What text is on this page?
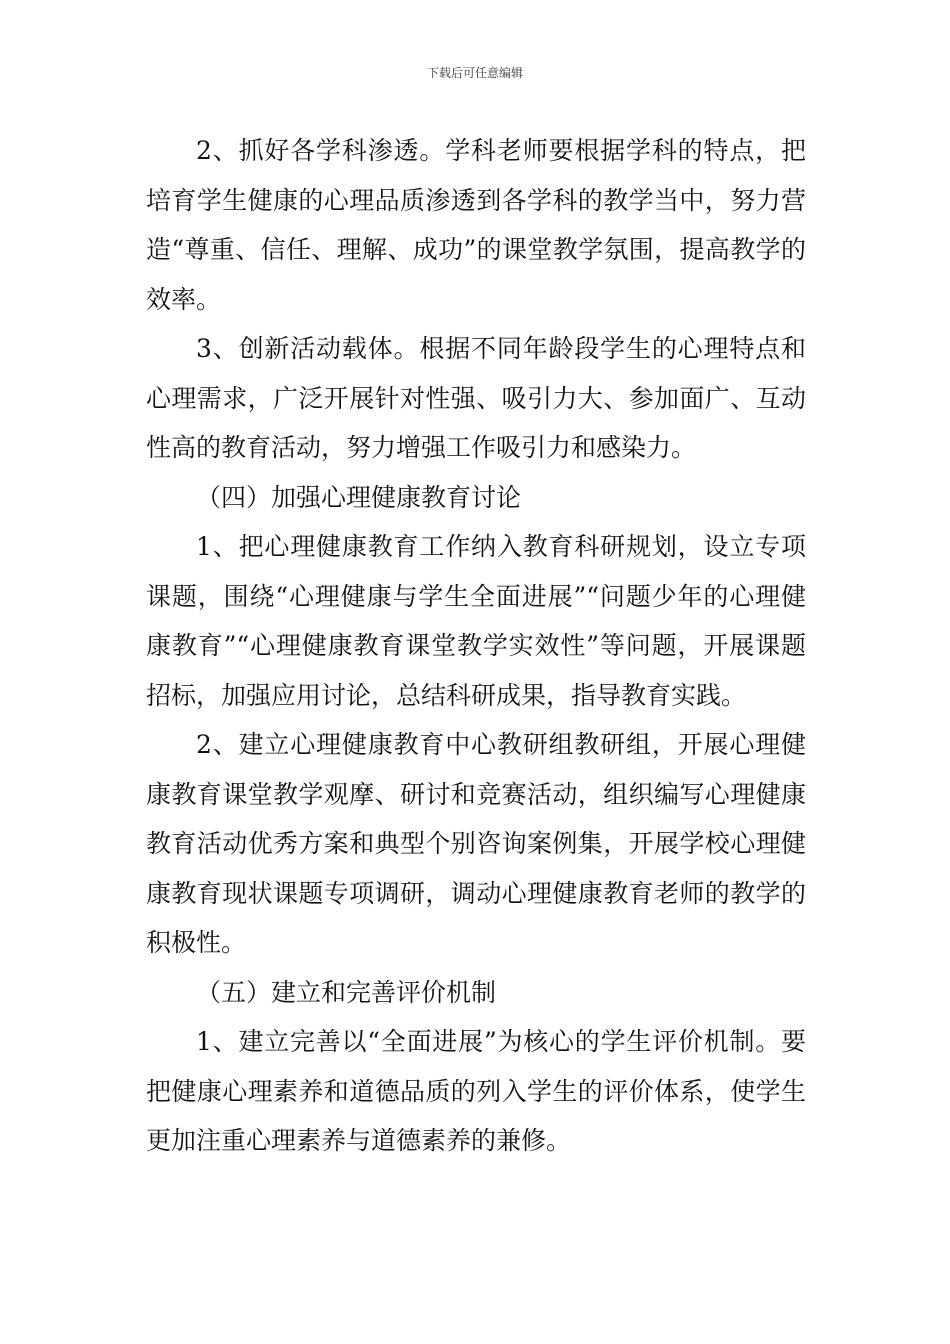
下载后可任意编辑

2、抓好各学科渗透。学科老师要根据学科的特点，把培育学生健康的心理品质渗透到各学科的教学当中，努力营造“尊重、信任、理解、成功”的课堂教学氛围，提高教学的效率。

3、创新活动载体。根据不同年龄段学生的心理特点和心理需求，广泛开展针对性强、吸引力大、参加面广、互动性高的教育活动，努力增强工作吸引力和感染力。

（四）加强心理健康教育讨论

1、把心理健康教育工作纳入教育科研规划，设立专项课题，围绕“心理健康与学生全面进展”“问题少年的心理健康教育”“心理健康教育课堂教学实效性”等问题，开展课题招标，加强应用讨论，总结科研成果，指导教育实践。

2、建立心理健康教育中心教研组教研组，开展心理健康教育课堂教学观摩、研讨和竞赛活动，组织编写心理健康教育活动优秀方案和典型个别咨询案例集，开展学校心理健康教育现状课题专项调研，调动心理健康教育老师的教学的积极性。

（五）建立和完善评价机制

1、建立完善以“全面进展”为核心的学生评价机制。要把健康心理素养和道德品质的列入学生的评价体系，使学生更加注重心理素养与道德素养的兼修。
